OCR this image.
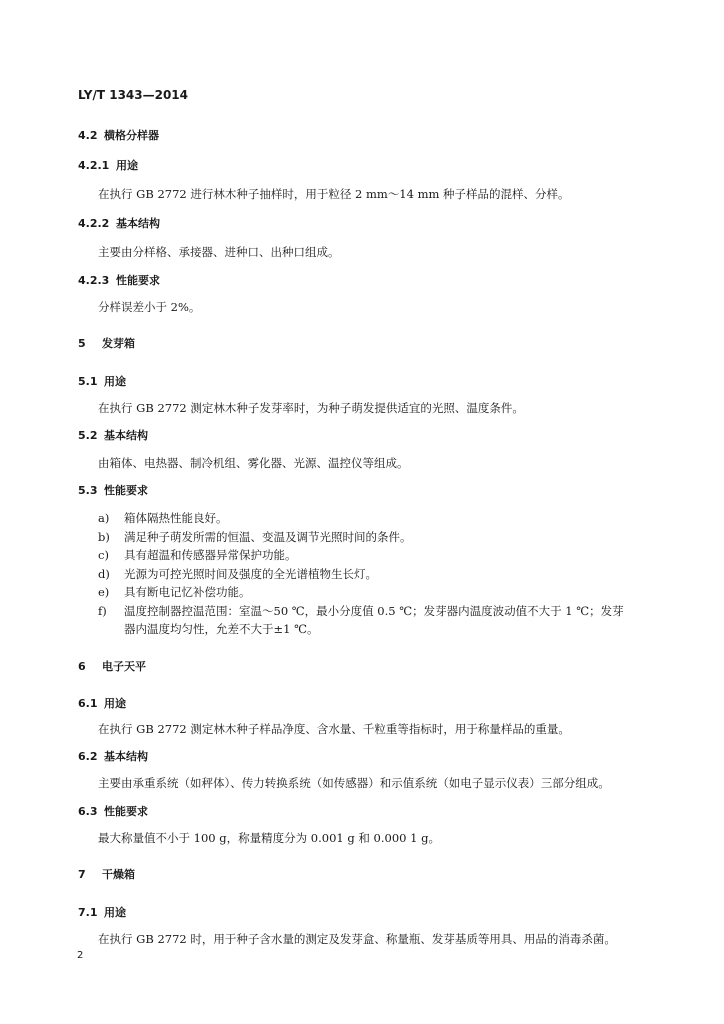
LY/T 1343—2014
4.2 横格分样器
4.2.1 用途
在执行 GB 2772 进行林木种子抽样时，用于粒径 2 mm～14 mm 种子样品的混样、分样。
4.2.2 基本结构
主要由分样格、承接器、进种口、出种口组成。
4.2.3 性能要求
分样误差小于 2%。
5 发芽箱
5.1 用途
在执行 GB 2772 测定林木种子发芽率时，为种子萌发提供适宜的光照、温度条件。
5.2 基本结构
由箱体、电热器、制冷机组、雾化器、光源、温控仪等组成。
5.3 性能要求
a) 箱体隔热性能良好。
b) 满足种子萌发所需的恒温、变温及调节光照时间的条件。
c) 具有超温和传感器异常保护功能。
d) 光源为可控光照时间及强度的全光谱植物生长灯。
e) 具有断电记忆补偿功能。
f) 温度控制器控温范围：室温～50 ℃，最小分度值 0.5 ℃；发芽器内温度波动值不大于 1 ℃；发芽
器内温度均匀性，允差不大于±1 ℃。
6 电子天平
6.1 用途
在执行 GB 2772 测定林木种子样品净度、含水量、千粒重等指标时，用于称量样品的重量。
6.2 基本结构
主要由承重系统（如秤体）、传力转换系统（如传感器）和示值系统（如电子显示仪表）三部分组成。
6.3 性能要求
最大称量值不小于 100 g，称量精度分为 0.001 g 和 0.000 1 g。
7 干燥箱
7.1 用途
在执行 GB 2772 时，用于种子含水量的测定及发芽盒、称量瓶、发芽基质等用具、用品的消毒杀菌。
2
